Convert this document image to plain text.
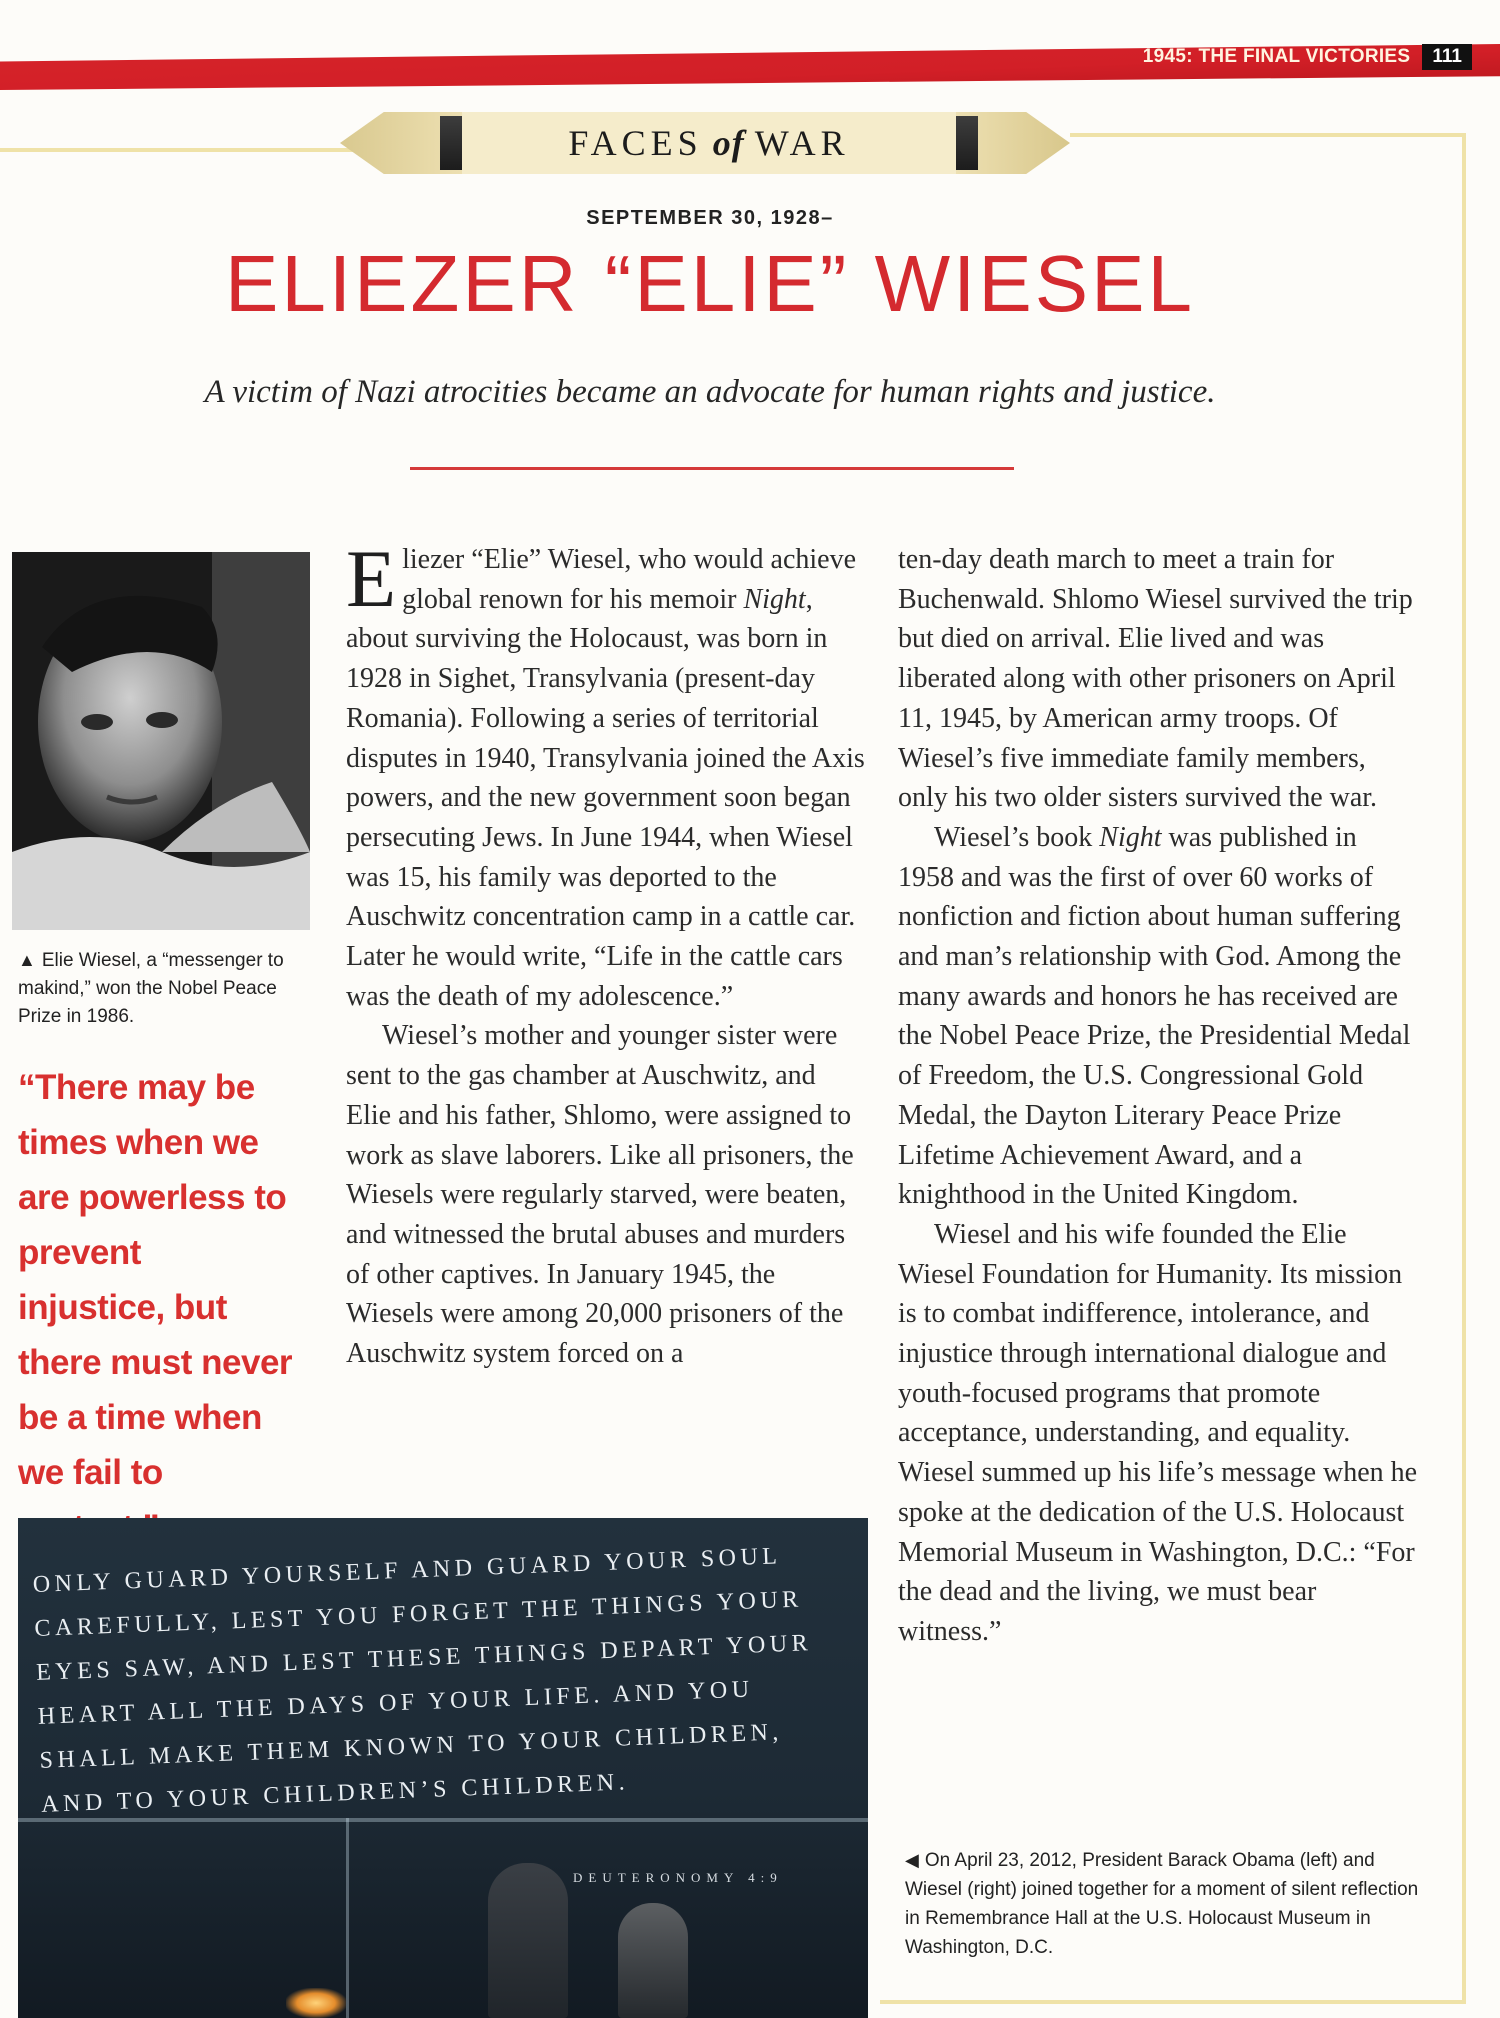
1945: THE FINAL VICTORIES	111
FACES of WAR
SEPTEMBER 30, 1928–
ELIEZER “ELIE” WIESEL
A victim of Nazi atrocities became an advocate for human rights and justice.
▲ Elie Wiesel, a “messenger to makind,” won the Nobel Peace Prize in 1986.
“There may be times when we are powerless to prevent injustice, but there must never be a time when we fail to

Eliezer “Elie” Wiesel, who would achieve global renown for his memoir Night, about surviving the Holocaust, was born in 1928 in Sighet, Transylvania (present-day Romania). Following a series of territorial disputes in 1940, Transylvania joined the Axis powers, and the new government soon began persecuting Jews. In June 1944, when Wiesel was 15, his family was deported to the Auschwitz concentration camp in a cattle car. Later he would write, “Life in the cattle cars was the death of my adolescence.”

Wiesel’s mother and younger sister were sent to the gas chamber at Auschwitz, and Elie and his father, Shlomo, were assigned to work as slave laborers. Like all prisoners, the Wiesels were regularly starved, were beaten, and witnessed the brutal abuses and murders of other captives. In January 1945, the Wiesels were among 20,000 prisoners of the Auschwitz system forced on a

ten-day death march to meet a train for Buchenwald. Shlomo Wiesel survived the trip but died on arrival. Elie lived and was liberated along with other prisoners on April 11, 1945, by American army troops. Of Wiesel’s five immediate family members, only his two older sisters survived the war.

Wiesel’s book Night was published in 1958 and was the first of over 60 works of nonfiction and fiction about human suffering and man’s relationship with God. Among the many awards and honors he has received are the Nobel Peace Prize, the Presidential Medal of Freedom, the U.S. Congressional Gold Medal, the Dayton Literary Peace Prize Lifetime Achievement Award, and a knighthood in the United Kingdom.

Wiesel and his wife founded the Elie Wiesel Foundation for Humanity. Its mission is to combat indifference, intolerance, and injustice through international dialogue and youth-focused programs that promote acceptance, understanding, and equality. Wiesel summed up his life’s message when he spoke at the dedication of the U.S. Holocaust Memorial Museum in Washington, D.C.: “For the dead and the living, we must bear witness.”

ONLY GUARD YOURSELF AND GUARD YOUR SOUL CAREFULLY, LEST YOU FORGET THE THINGS YOUR EYES SAW, AND LEST THESE THINGS DEPART YOUR HEART ALL THE DAYS OF YOUR LIFE. AND YOU SHALL MAKE THEM KNOWN TO YOUR CHILDREN, AND TO YOUR CHILDREN’S CHILDREN.
DEUTERONOMY 4:9
◀ On April 23, 2012, President Barack Obama (left) and Wiesel (right) joined together for a moment of silent reflection in Remembrance Hall at the U.S. Holocaust Museum in Washington, D.C.
